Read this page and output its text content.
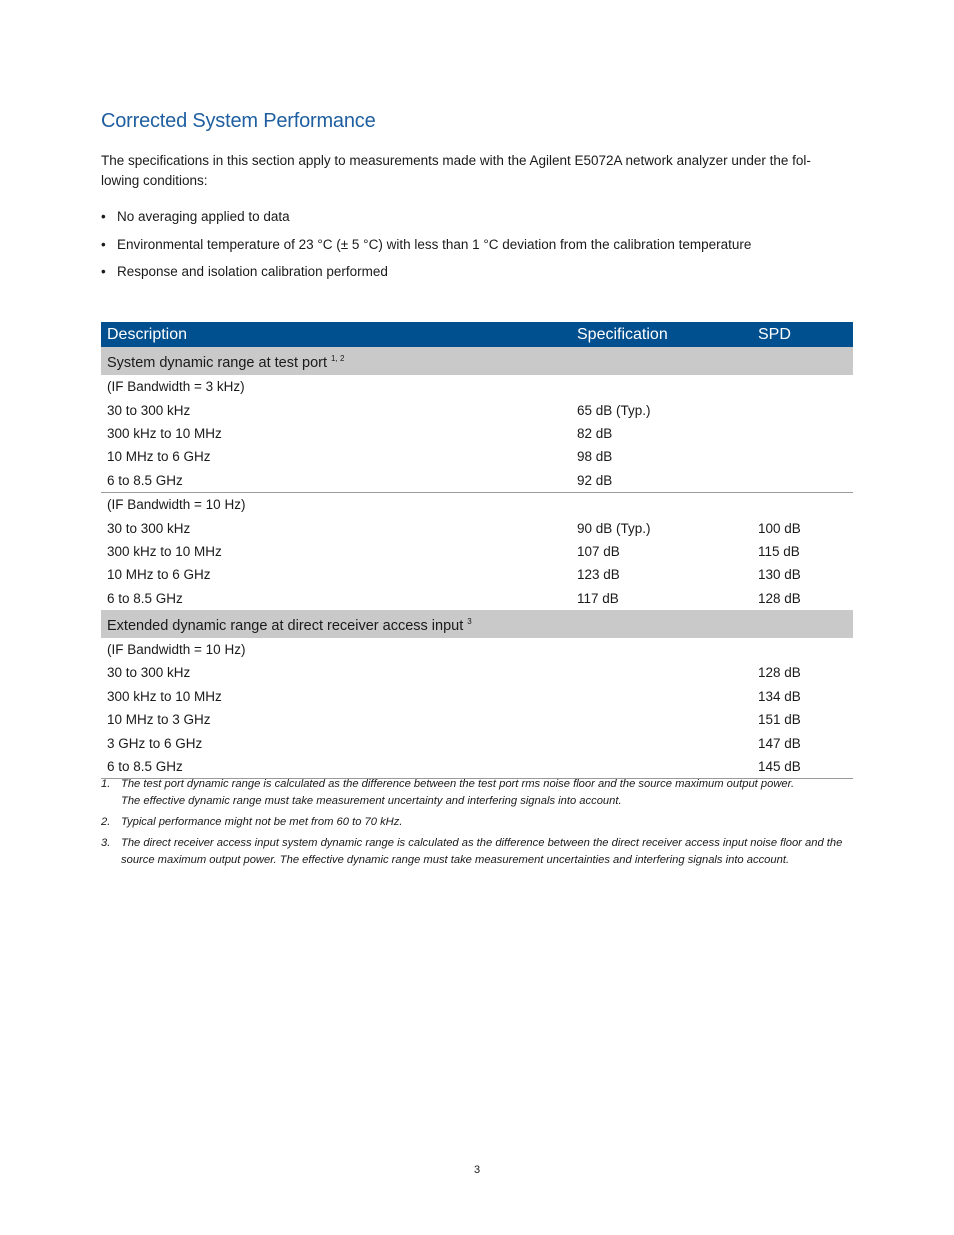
Corrected System Performance

The specifications in this section apply to measurements made with the Agilent E5072A network analyzer under the fol-
lowing conditions:

• No averaging applied to data
• Environmental temperature of 23 °C (± 5 °C) with less than 1 °C deviation from the calibration temperature
• Response and isolation calibration performed
Description	Specification	SPD
System dynamic range at test port $^{1, 2}$
(IF Bandwidth = 3 kHz)		
30 to 300 kHz	65 dB (Typ.)	
300 kHz to 10 MHz	82 dB	
10 MHz to 6 GHz	98 dB	
6 to 8.5 GHz	92 dB	
(IF Bandwidth = 10 Hz)		
30 to 300 kHz	90 dB (Typ.)	100 dB
300 kHz to 10 MHz	107 dB	115 dB
10 MHz to 6 GHz	123 dB	130 dB
6 to 8.5 GHz	117 dB	128 dB
Extended dynamic range at direct receiver access input $^3$
(IF Bandwidth = 10 Hz)		
30 to 300 kHz		128 dB
300 kHz to 10 MHz		134 dB
10 MHz to 3 GHz		151 dB
3 GHz to 6 GHz		147 dB
6 to 8.5 GHz		145 dB
1. The test port dynamic range is calculated as the difference between the test port rms noise floor and the source maximum output power.
The effective dynamic range must take measurement uncertainty and interfering signals into account.
2. Typical performance might not be met from 60 to 70 kHz.
3. The direct receiver access input system dynamic range is calculated as the difference between the direct receiver access input noise floor and the
source maximum output power. The effective dynamic range must take measurement uncertainties and interfering signals into account.
3
